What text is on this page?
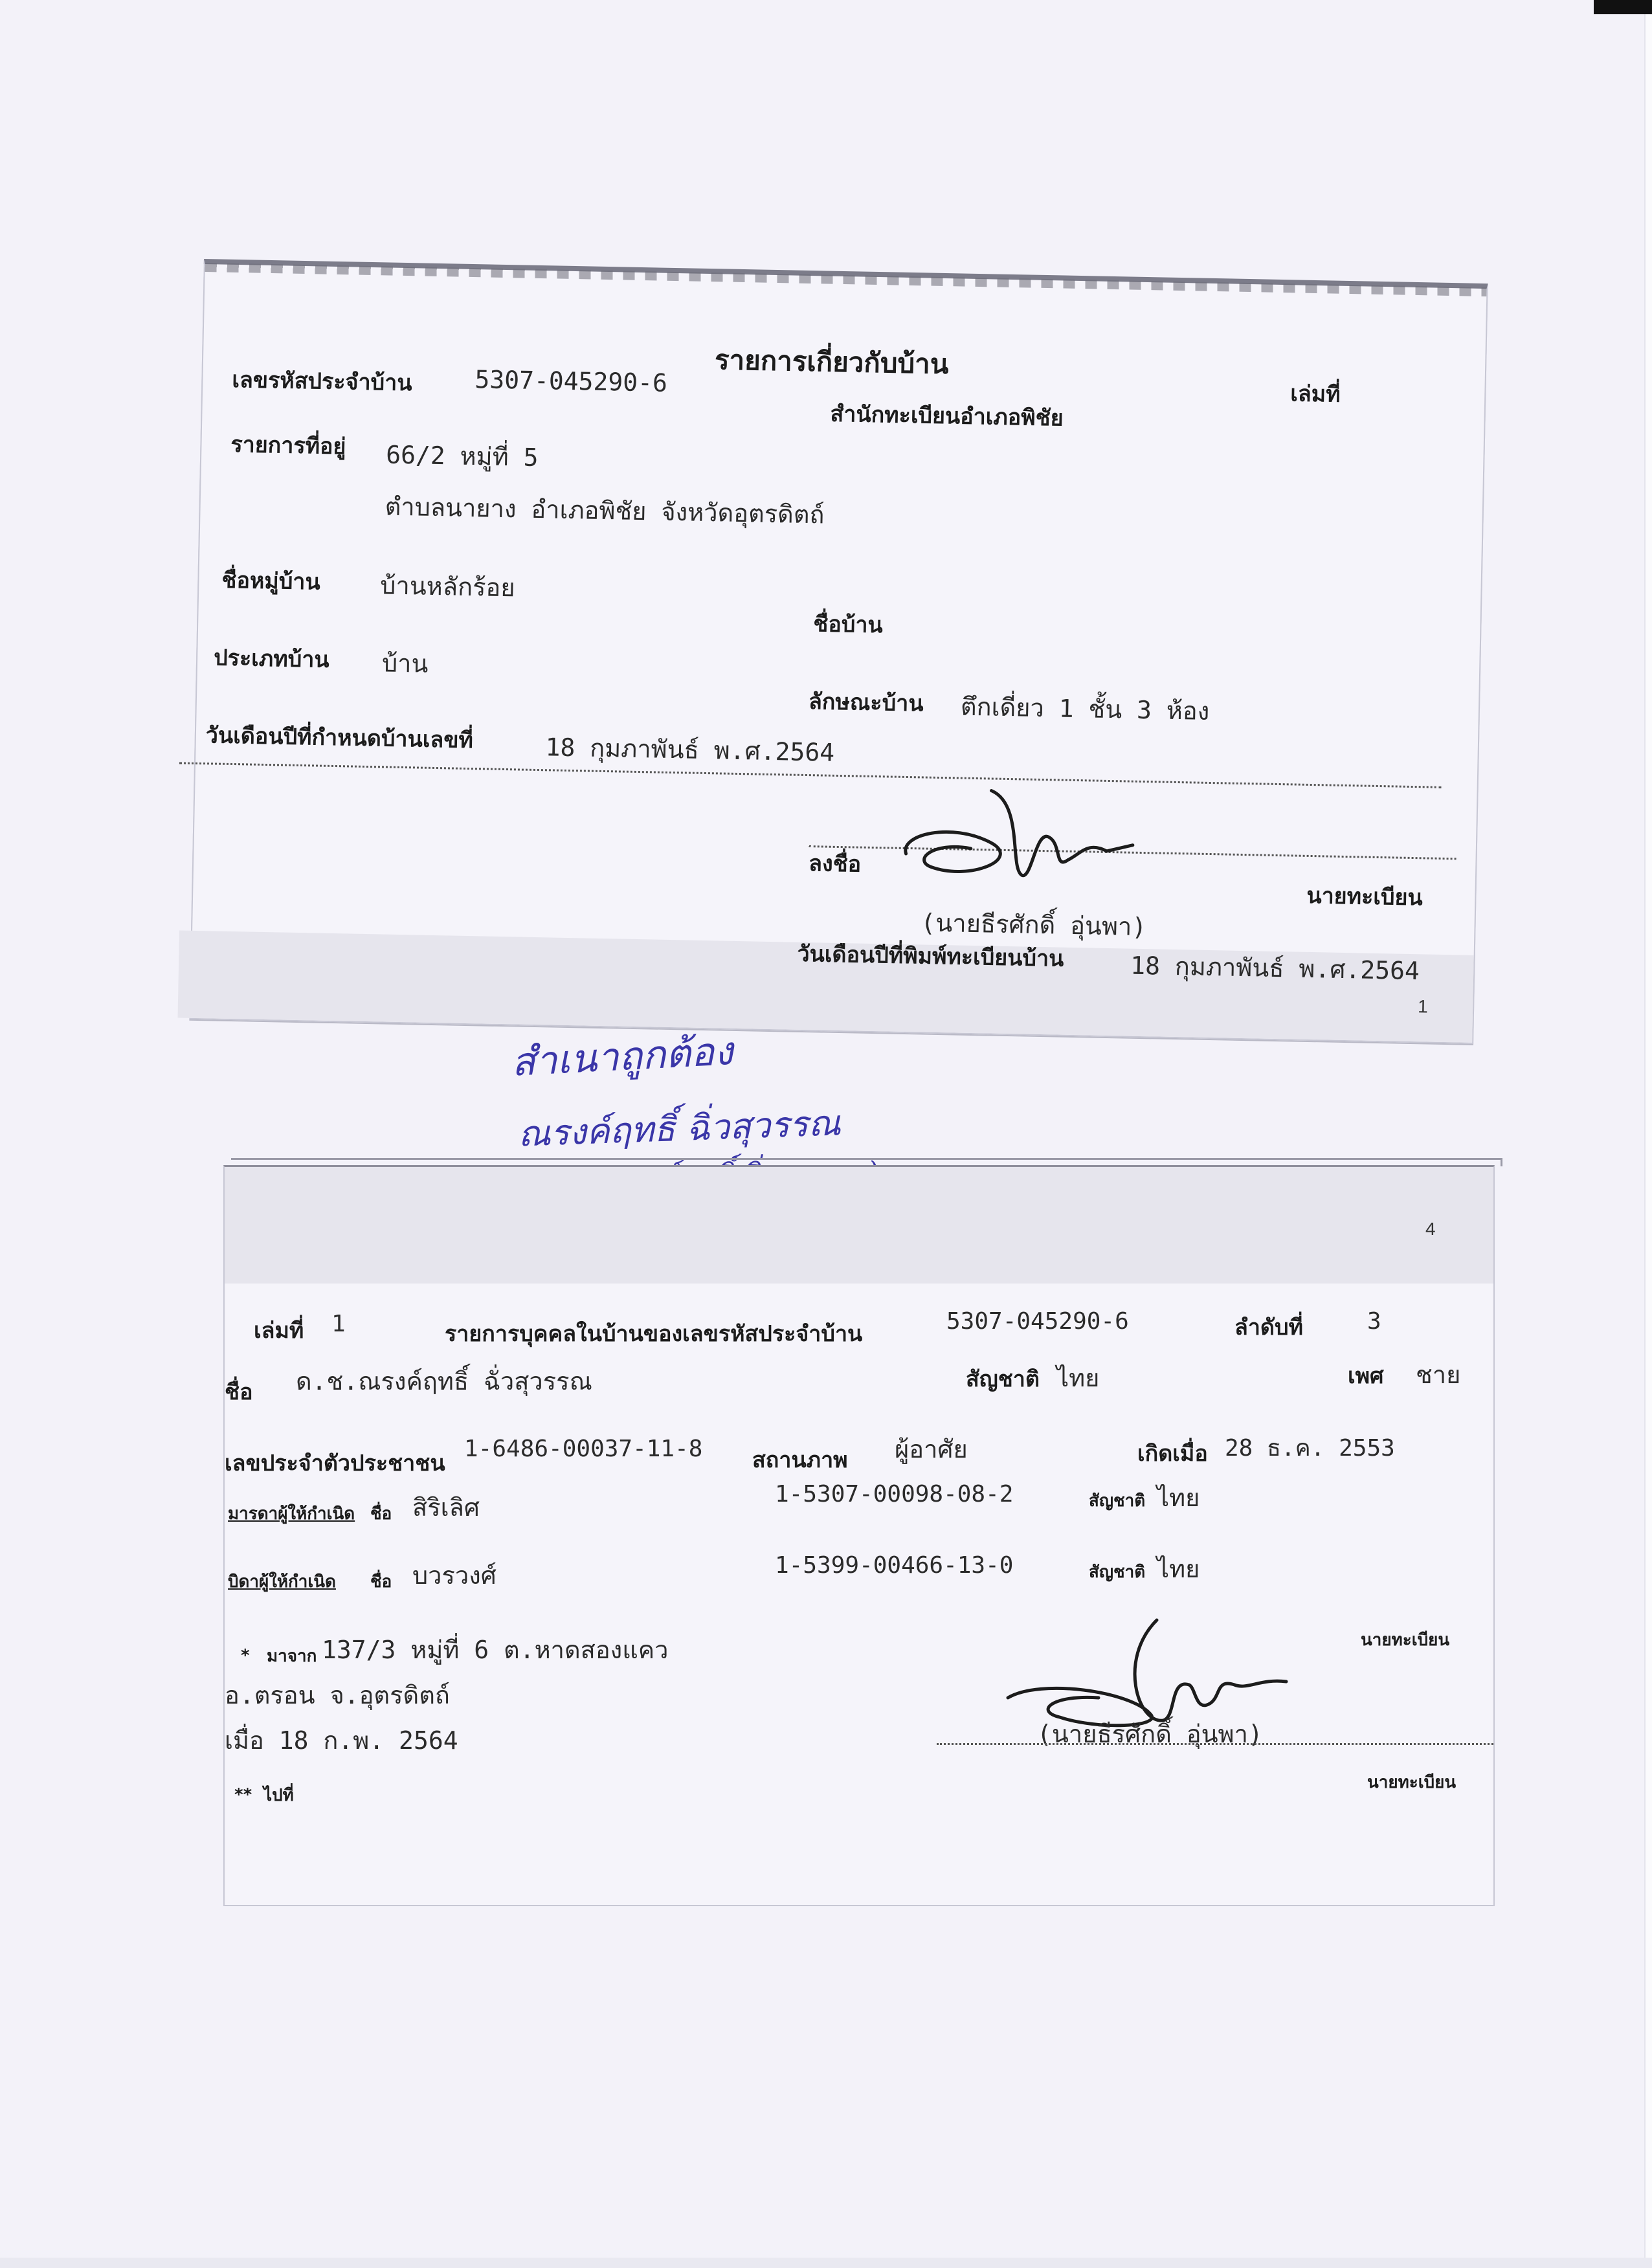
รายการเกี่ยวกับบ้าน
เล่มที่
เลขรหัสประจำบ้าน	5307-045290-6
สำนักทะเบียนอำเภอพิชัย
รายการที่อยู่ 66/2 หมู่ที่ 5
ตำบลนายาง อำเภอพิชัย จังหวัดอุตรดิตถ์
ชื่อหมู่บ้าน บ้านหลักร้อย
ชื่อบ้าน
ประเภทบ้าน บ้าน
ลักษณะบ้าน ตึกเดี่ยว 1 ชั้น 3 ห้อง
วันเดือนปีที่กำหนดบ้านเลขที่	18 กุมภาพันธ์ พ.ศ.2564
ลงชื่อ
นายทะเบียน
(นายธีรศักดิ์ อุ่นพา)
วันเดือนปีที่พิมพ์ทะเบียนบ้าน	18 กุมภาพันธ์ พ.ศ.2564
1
สำเนาถูกต้อง
ณรงค์ฤทธิ์ ฉิ่วสุวรรณ
4
เล่มที่ 1	รายการบุคคลในบ้านของเลขรหัสประจำบ้าน	5307-045290-6	ลำดับที่	3
ชื่อ ด.ช.ณรงค์ฤทธิ์ ฉั่วสุวรรณ	สัญชาติ ไทย	เพศ ชาย
เลขประจำตัวประชาชน
1-6486-00037-11-8 สถานภาพ ผู้อาศัย	เกิดเมื่อ 28 ธ.ค. 2553
มารดาผู้ให้กำเนิด ชื่อ สิริเลิศ	1-5307-00098-08-2	สัญชาติ ไทย
บิดาผู้ให้กำเนิด ชื่อ บวรวงศ์	1-5399-00466-13-0	สัญชาติ ไทย
* มาจาก 137/3 หมู่ที่ 6 ต.หาดสองแคว
อ.ตรอน จ.อุตรดิตถ์
เมื่อ 18 ก.พ. 2564
นายทะเบียน
(นายธีรศักดิ์ อุ่นพา)
** ไปที่
นายทะเบียน
